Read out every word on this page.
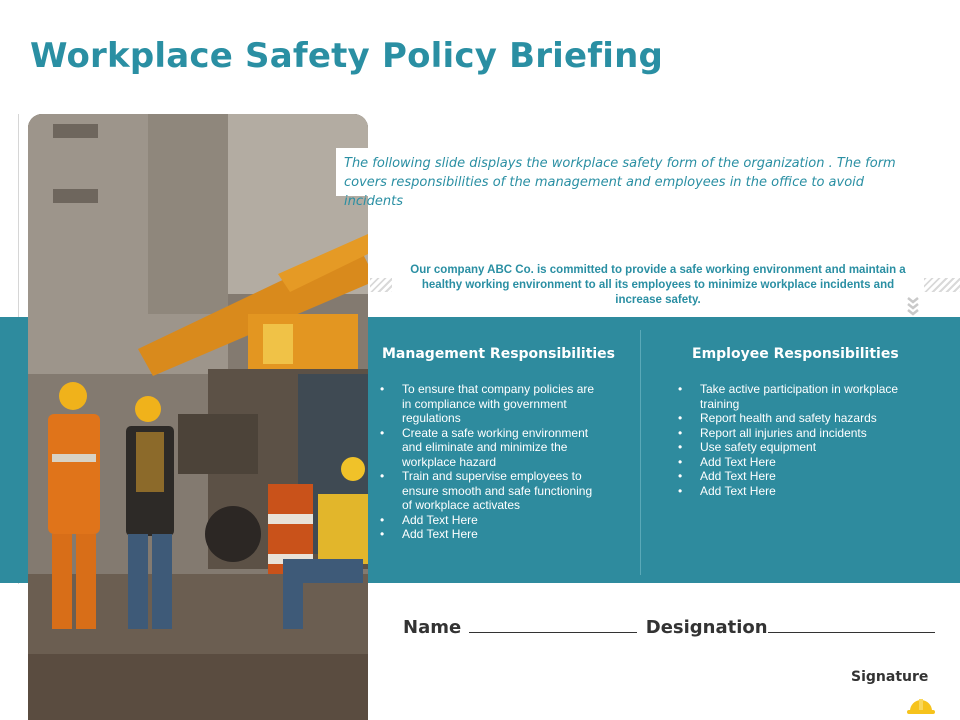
Workplace Safety Policy Briefing
The following slide displays the workplace safety form of the organization . The form covers responsibilities of the management and employees in the office to avoid incidents
Our company ABC Co. is committed to provide a safe working environment and maintain a healthy working environment to all its employees to minimize workplace incidents and increase safety.
Management Responsibilities
• To ensure that company policies are in compliance with government regulations
• Create a safe working environment and eliminate and minimize the workplace hazard
• Train and supervise employees to ensure smooth and safe functioning of workplace activates
• Add Text Here
• Add Text Here
Employee Responsibilities
• Take active participation in workplace training
• Report health and safety hazards
• Report all injuries and incidents
• Use safety equipment
• Add Text Here
• Add Text Here
• Add Text Here
Name	Designation
Signature
